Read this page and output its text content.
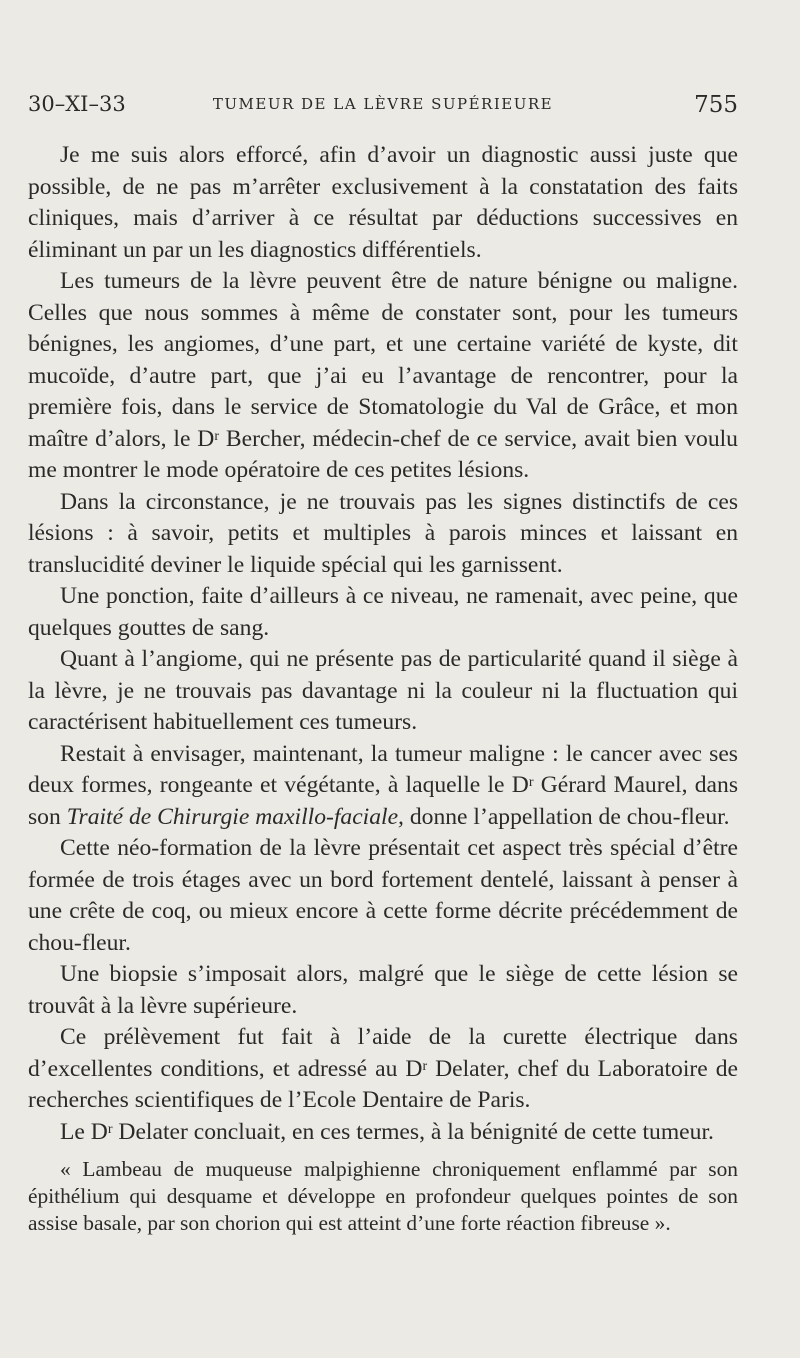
30–XI–33	TUMEUR DE LA LÈVRE SUPÉRIEURE	755

Je me suis alors efforcé, afin d’avoir un diagnostic aussi juste que possible, de ne pas m’arrêter exclusivement à la constatation des faits cliniques, mais d’arriver à ce résultat par déductions successives en éliminant un par un les diagnostics différentiels.

Les tumeurs de la lèvre peuvent être de nature bénigne ou maligne. Celles que nous sommes à même de constater sont, pour les tumeurs bénignes, les angiomes, d’une part, et une certaine variété de kyste, dit mucoïde, d’autre part, que j’ai eu l’avantage de rencontrer, pour la première fois, dans le service de Stomatologie du Val de Grâce, et mon maître d’alors, le $D^r$ Bercher, médecin-chef de ce service, avait bien voulu me montrer le mode opératoire de ces petites lésions.

Dans la circonstance, je ne trouvais pas les signes distinctifs de ces lésions : à savoir, petits et multiples à parois minces et laissant en translucidité deviner le liquide spécial qui les garnissent.

Une ponction, faite d’ailleurs à ce niveau, ne ramenait, avec peine, que quelques gouttes de sang.

Quant à l’angiome, qui ne présente pas de particularité quand il siège à la lèvre, je ne trouvais pas davantage ni la couleur ni la fluctuation qui caractérisent habituellement ces tumeurs.

Restait à envisager, maintenant, la tumeur maligne : le cancer avec ses deux formes, rongeante et végétante, à laquelle le $D^r$ Gérard Maurel, dans son Traité de Chirurgie maxillo-faciale, donne l’appellation de chou-fleur.

Cette néo-formation de la lèvre présentait cet aspect très spécial d’être formée de trois étages avec un bord fortement dentelé, laissant à penser à une crête de coq, ou mieux encore à cette forme décrite précédemment de chou-fleur.

Une biopsie s’imposait alors, malgré que le siège de cette lésion se trouvât à la lèvre supérieure.

Ce prélèvement fut fait à l’aide de la curette électrique dans d’excellentes conditions, et adressé au $D^r$ Delater, chef du Laboratoire de recherches scientifiques de l’Ecole Dentaire de Paris.

Le $D^r$ Delater concluait, en ces termes, à la bénignité de cette tumeur.

« Lambeau de muqueuse malpighienne chroniquement enflammé par son épithélium qui desquame et développe en profondeur quelques pointes de son assise basale, par son chorion qui est atteint d’une forte réaction fibreuse ».
